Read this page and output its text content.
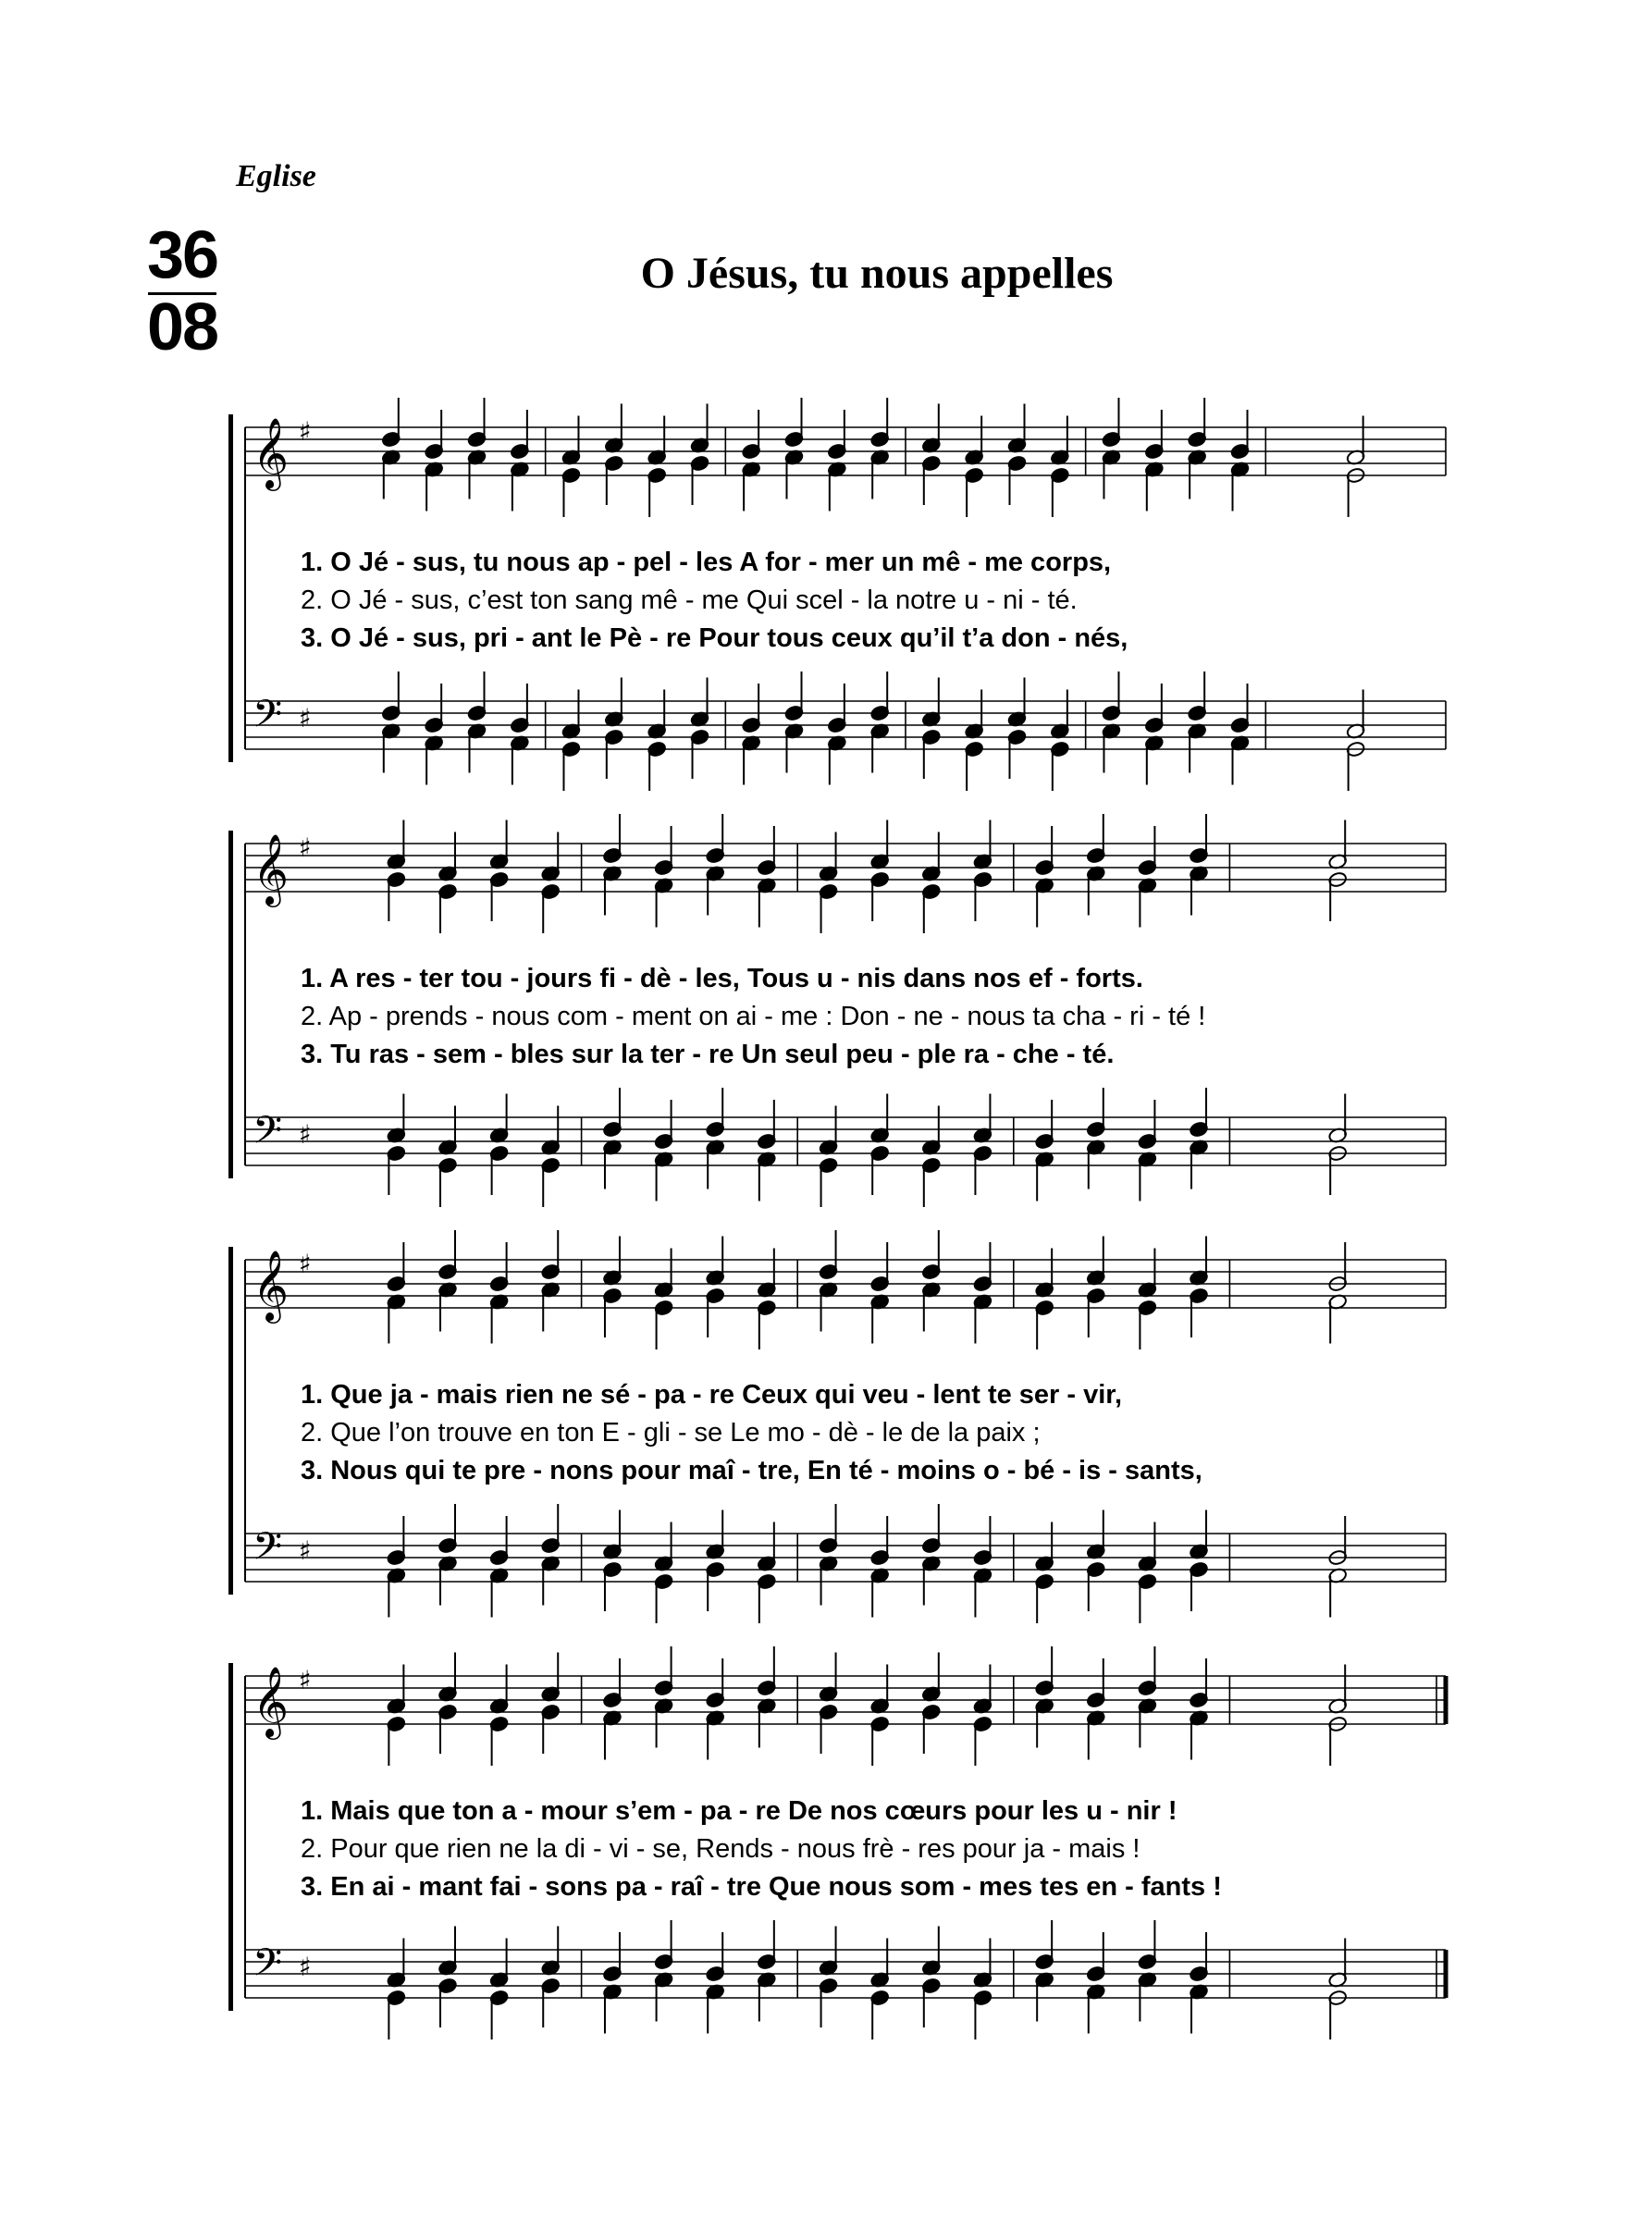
Eglise
36
08
O Jésus, tu nous appelles
𝄞 ♯
𝄢 ♯
1. O Jé - sus, tu nous ap - pel - les A for - mer un mê - me corps,
2. O Jé - sus, c’est ton sang mê - me Qui scel - la notre u - ni - té.
3. O Jé - sus, pri - ant le Pè - re Pour tous ceux qu’il t’a don - nés,
𝄞 ♯
𝄢 ♯
1. A res - ter tou - jours fi - dè - les, Tous u - nis dans nos ef - forts.
2. Ap - prends - nous com - ment on ai - me : Don - ne - nous ta cha - ri - té !
3. Tu ras - sem - bles sur la ter - re Un seul peu - ple ra - che - té.
𝄞 ♯
𝄢 ♯
1. Que ja - mais rien ne sé - pa - re Ceux qui veu - lent te ser - vir,
2. Que l’on trouve en ton E - gli - se Le mo - dè - le de la paix ;
3. Nous qui te pre - nons pour maî - tre, En té - moins o - bé - is - sants,
𝄞 ♯
𝄢 ♯
1. Mais que ton a - mour s’em - pa - re De nos cœurs pour les u - nir !
2. Pour que rien ne la di - vi - se, Rends - nous frè - res pour ja - mais !
3. En ai - mant fai - sons pa - raî - tre Que nous som - mes tes en - fants !
